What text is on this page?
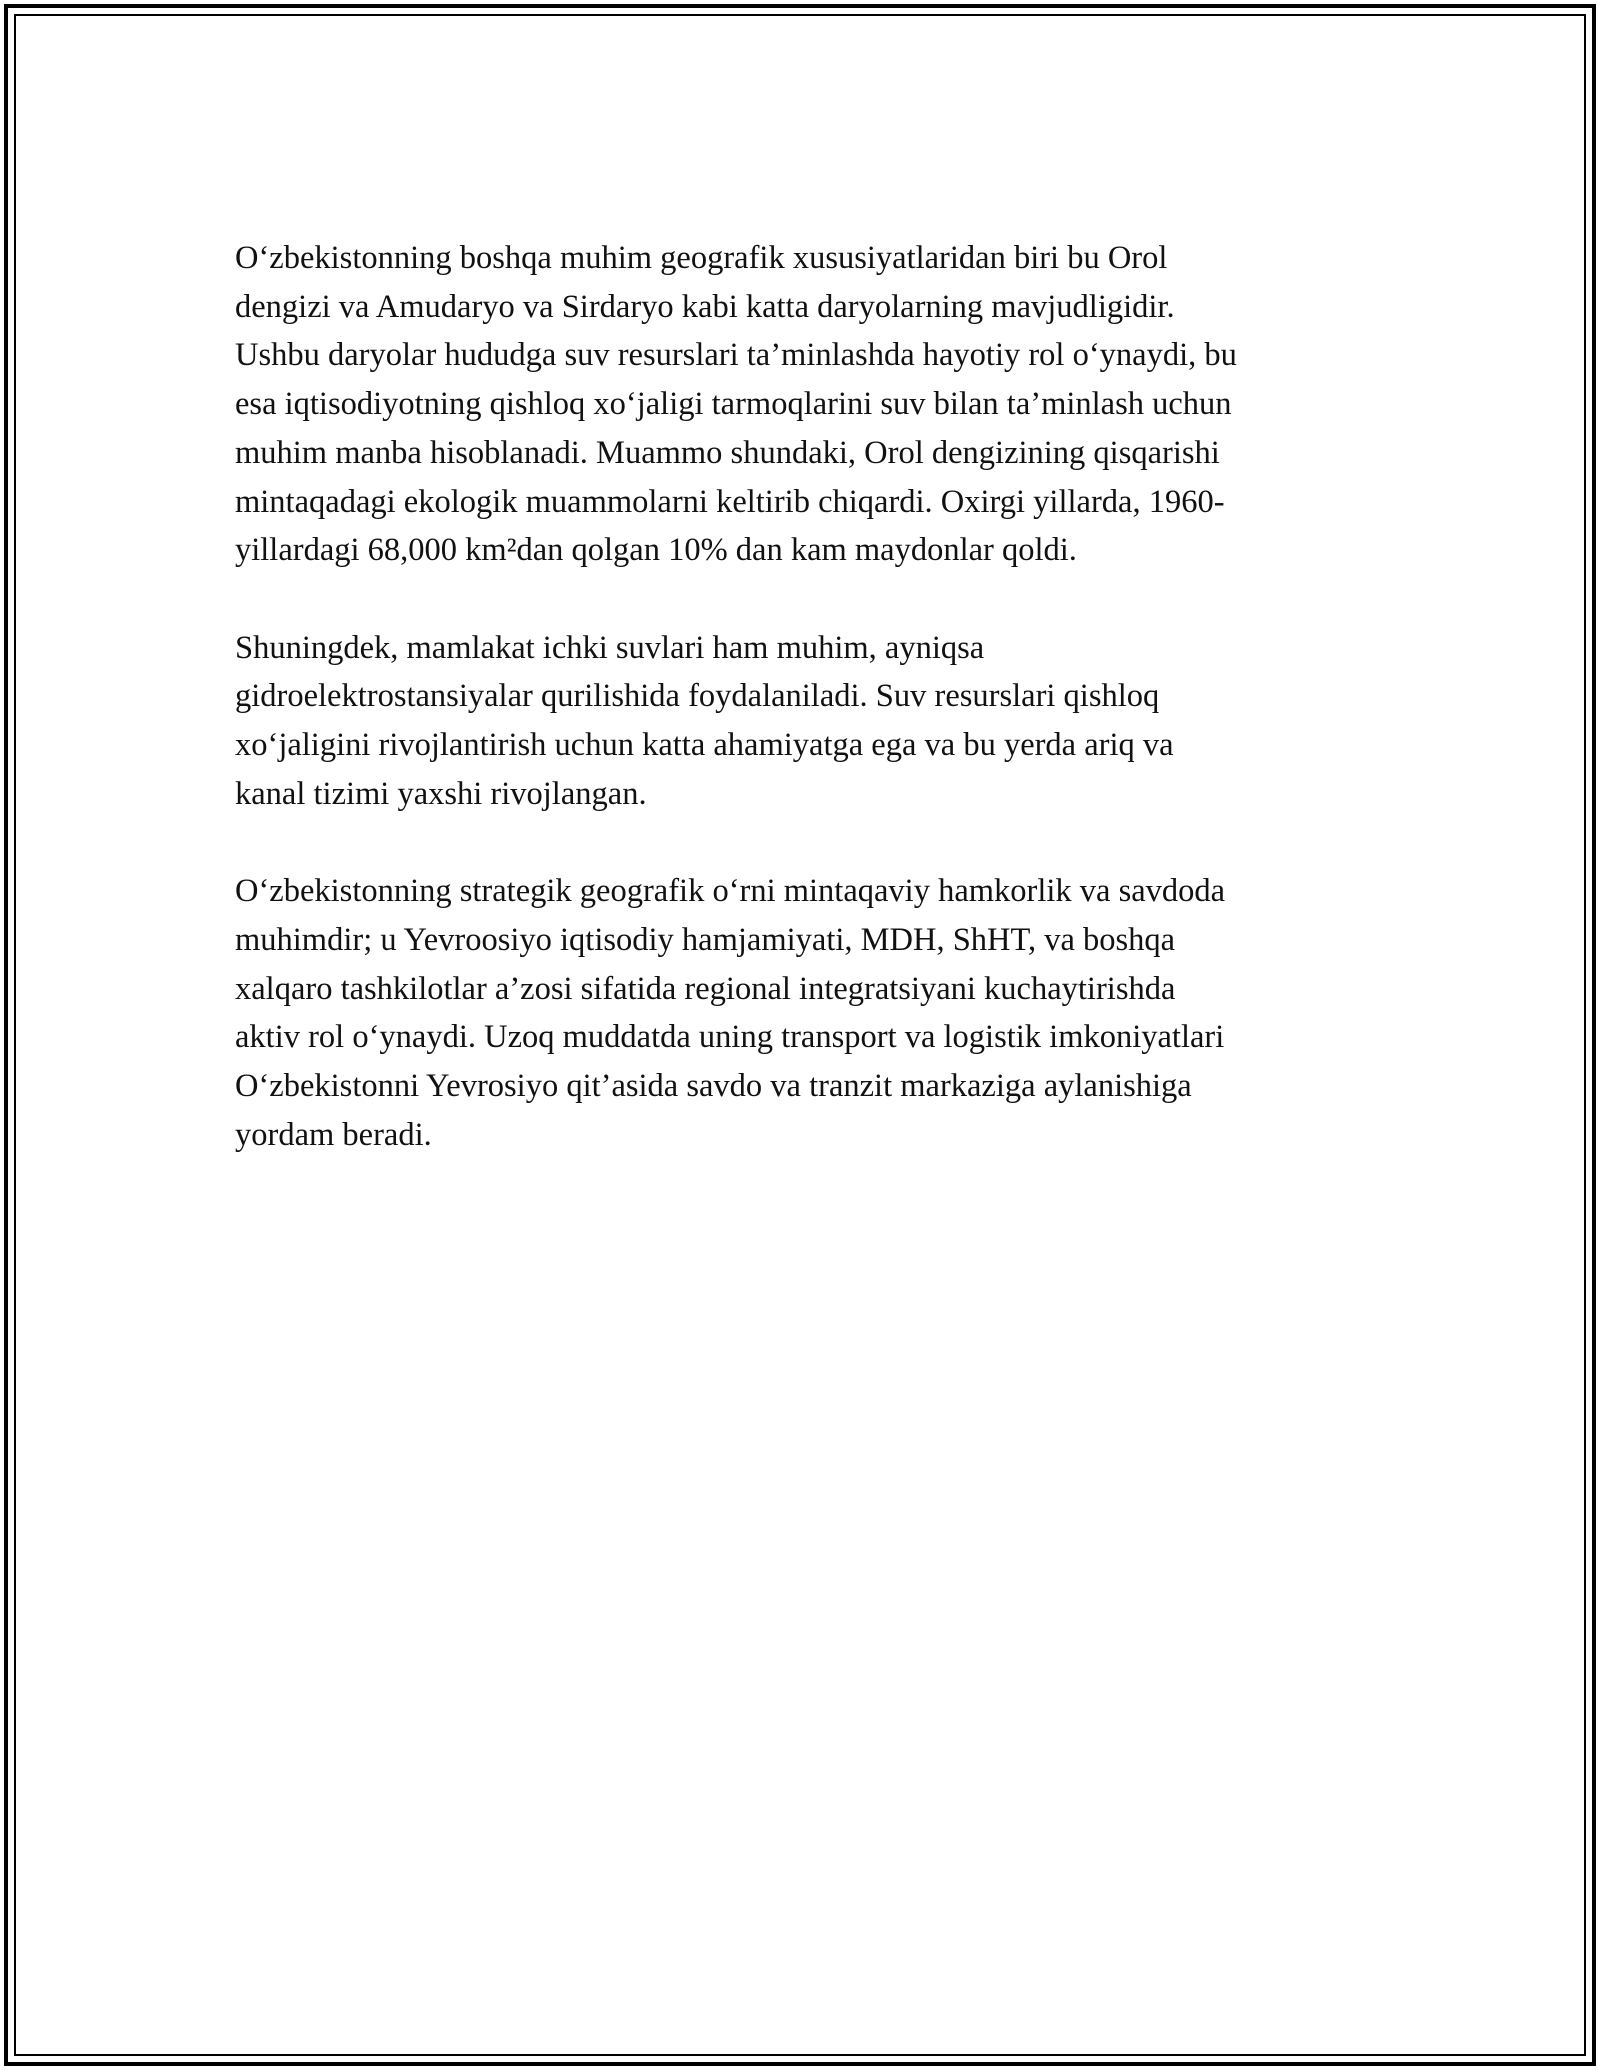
O‘zbekistonning boshqa muhim geografik xususiyatlaridan biri bu Orol
dengizi va Amudaryo va Sirdaryo kabi katta daryolarning mavjudligidir.
Ushbu daryolar hududga suv resurslari ta’minlashda hayotiy rol o‘ynaydi, bu
esa iqtisodiyotning qishloq xo‘jaligi tarmoqlarini suv bilan ta’minlash uchun
muhim manba hisoblanadi. Muammo shundaki, Orol dengizining qisqarishi
mintaqadagi ekologik muammolarni keltirib chiqardi. Oxirgi yillarda, 1960-
yillardagi 68,000 km²dan qolgan 10% dan kam maydonlar qoldi.

Shuningdek, mamlakat ichki suvlari ham muhim, ayniqsa
gidroelektrostansiyalar qurilishida foydalaniladi. Suv resurslari qishloq
xo‘jaligini rivojlantirish uchun katta ahamiyatga ega va bu yerda ariq va
kanal tizimi yaxshi rivojlangan.

O‘zbekistonning strategik geografik o‘rni mintaqaviy hamkorlik va savdoda
muhimdir; u Yevroosiyo iqtisodiy hamjamiyati, MDH, ShHT, va boshqa
xalqaro tashkilotlar a’zosi sifatida regional integratsiyani kuchaytirishda
aktiv rol o‘ynaydi. Uzoq muddatda uning transport va logistik imkoniyatlari
O‘zbekistonni Yevrosiyo qit’asida savdo va tranzit markaziga aylanishiga
yordam beradi.
